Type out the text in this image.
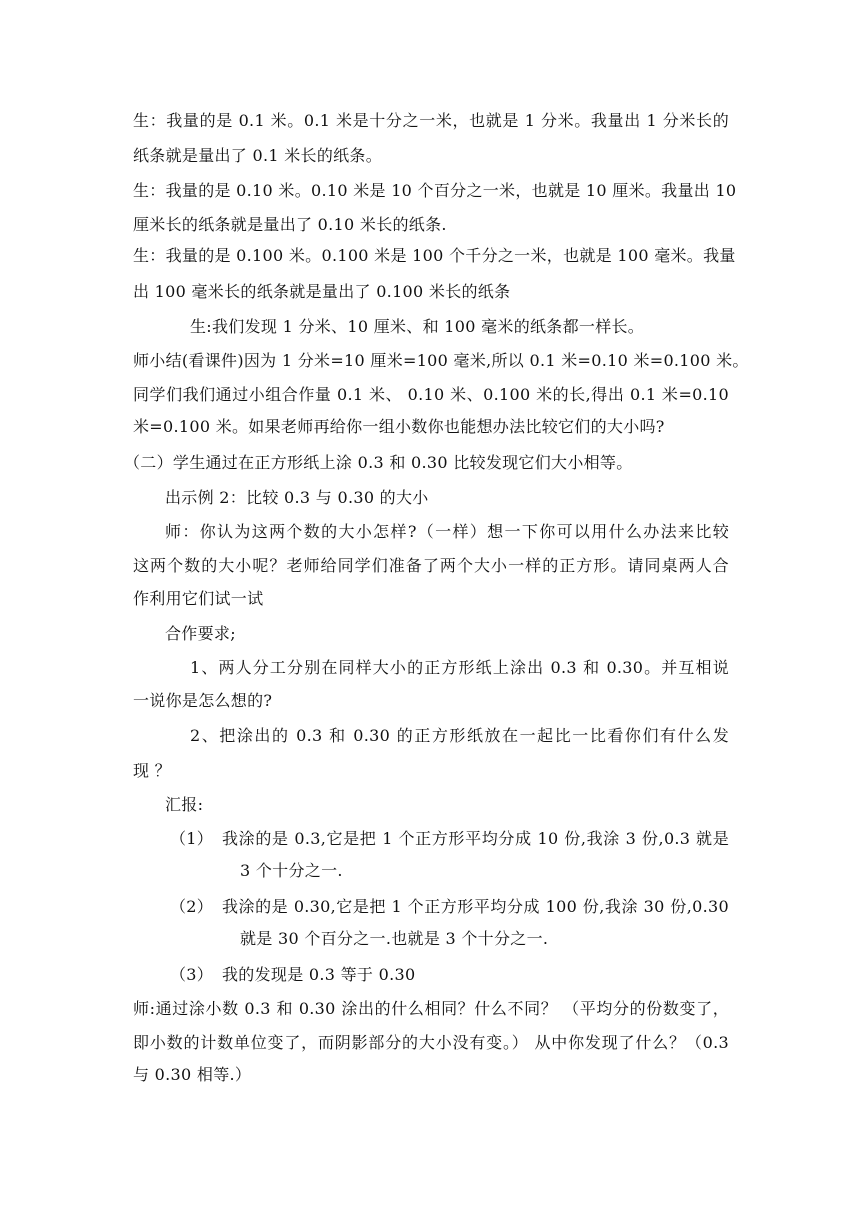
生：我量的是 0.1 米。0.1 米是十分之一米，也就是 1 分米。我量出 1 分米长的
纸条就是量出了 0.1 米长的纸条。
生：我量的是 0.10 米。0.10 米是 10 个百分之一米，也就是 10 厘米。我量出 10
厘米长的纸条就是量出了 0.10 米长的纸条.
生：我量的是 0.100 米。0.100 米是 100 个千分之一米，也就是 100 毫米。我量
出 100 毫米长的纸条就是量出了 0.100 米长的纸条
生:我们发现 1 分米、10 厘米、和 100 毫米的纸条都一样长。
师小结(看课件)因为 1 分米=10 厘米=100 毫米,所以 0.1 米=0.10 米=0.100 米。
同学们我们通过小组合作量 0.1 米、 0.10 米、0.100 米的长,得出 0.1 米=0.10
米=0.100 米。如果老师再给你一组小数你也能想办法比较它们的大小吗?
（二）学生通过在正方形纸上涂 0.3 和 0.30 比较发现它们大小相等。
出示例 2：比较 0.3 与 0.30 的大小
师：你认为这两个数的大小怎样?（一样）想一下你可以用什么办法来比较
这两个数的大小呢？老师给同学们准备了两个大小一样的正方形。请同桌两人合
作利用它们试一试
合作要求;
1、两人分工分别在同样大小的正方形纸上涂出 0.3 和 0.30。并互相说
一说你是怎么想的?
2、把涂出的 0.3 和 0.30 的正方形纸放在一起比一比看你们有什么发
现 ？
汇报:
（1） 我涂的是 0.3,它是把 1 个正方形平均分成 10 份,我涂 3 份,0.3 就是
3 个十分之一.
（2） 我涂的是 0.30,它是把 1 个正方形平均分成 100 份,我涂 30 份,0.30
就是 30 个百分之一.也就是 3 个十分之一.
（3） 我的发现是 0.3 等于 0.30
师:通过涂小数 0.3 和 0.30 涂出的什么相同？什么不同？ （平均分的份数变了，
即小数的计数单位变了，而阴影部分的大小没有变。） 从中你发现了什么？（0.3
与 0.30 相等.）
